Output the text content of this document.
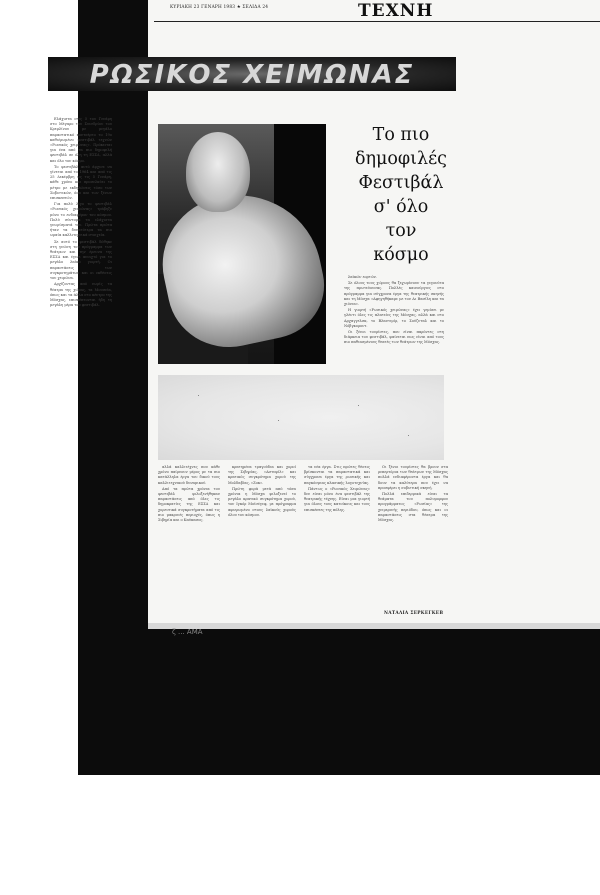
ΚΥΡΙΑΚΗ 23 ΓΕΝΑΡΗ 1983 ★ ΣΕΛΙΔΑ 24	ΤΕΧΝΗ
ΡΩΣΙΚΟΣ ΧΕΙΜΩΝΑΣ

Ελάχιστα στις 5 του Γενάρη στο Μέγαρο του Συνεδρίου του Κρεμλίνου με μεγάλο παραστατικό κοντσέρτο το 19ο καθιέρωμένο φεστιβάλ τεχνών «Ρωσικός χειμώνας». Πρόκειται για ένα από τα πιο δημοφιλή φεστιβάλ σε όλη τη ΕΣΣΔ, αλλά και όλο τον κόσμο.

Το φεστιβάλ αυτό άρχισε να γίνεται από το 1964 και από τις 25 Δεκέμβρη ως τις 5 Γενάρη, κάθε χρόνο και προσελκύει το μέτρο με εκδηλώσεις τόσο των Σοβιετικών, όσο και των ξένων επισκεπτών.

Για πολύ λίγο το φεστιβάλ «Ρωσικός χειμώνας» τράβηξε μόνο το ενδιαφέρον του κόσμου. Πολύ σύντομα τα ελάχιστα γνωρίσματά του. Πρώτα πρώτα ήταν τα δυνατότερα τα πιο ωραία καλλιτεχνικά στοιχεία.

Σε αυτό το φεστιβάλ δόθηκε στη γνώση του πρόγραμμα των θεάτρων και την έρευνα της ΕΣΣΔ και έγινε ανοιχτό για το μεγάλο λαϊκό γιορτή. Οι παραστάσεις των συγκροτημάτων και οι εκθέσεις του χειμώνα.

Αρχίζοντας από νωρίς τα θέατρα της χώρας, τα Μουσεία, όπως και τα άλλα στο κέντρο της Μόσχας, επισκέπτονται ήδη τη μεγάλη μέρα του φεστιβάλ.

Το πιο
δημοφιλές
Φεστιβάλ
σ' όλο
τον
κόσμο

λαϊκών εορτών.

Σε όλους τους χώρους θα ξεχωρίσουν τα γεγονότα της πρωτεύουσας. Πολλές καινούργιες στο πρόγραμμα για σύγχρονα έργα της θεατρικής σκηνής και τη Μόσχα «Αφηγηθήκαμε με τον Αι Βασίλη και τα χιόνια».

Η γιορτή «Ρωσικός χειμώνας» έχει γεμίσει με γλέντι όλες τις πλατείες της Μόσχας, αλλά και στο Αρχαγγελσκ, το Βλαντιμίρ, το Σούζνταλ και το Νόβγκοροντ.

Οι ξένοι τουρίστες, που είναι παρόντες στη διάρκεια του φεστιβάλ, φαίνεται πως είναι από τους πιο παθιασμένους θεατές των θεάτρων της Μόσχας.

αλλά καλλιτέχνες που κάθε χρόνο παίρνουν μέρος με τα πιο κατάλληλα έργα του δικού τους καλλιτεχνικού δυναμικού.

Από τα πρώτα χρόνια του φεστιβάλ φιλοξενήθηκαν παραστάσεις από όλες τις δημοκρατίες της ΕΣΣΔ και χορευτικά συγκροτήματα από τις πιο μακρινές περιοχές, όπως η Σιβηρία και ο Καύκασος.

κρατημένα τραγούδια και χοροί της Σιβηρίας, «Αστυφίλ» και κρατικός συγκρότημα χορού της Μολδαβίας, «Ζοκ».

Πρώτη φορά μετά από τόσα χρόνια η Μόσχα φιλοξενεί το μεγάλο κρατικό συγκρότημα χορού, τον Ιγκόρ Μοϊσέγεφ, με πρόγραμμα αφιερωμένο στους λαϊκούς χορούς όλου του κόσμου.

τα νέα έργα. Στις πρώτες θέσεις βρίσκονται τα παραστατικά και σύγχρονα έργα της ρωσικής και παγκόσμιας κλασικής λογοτεχνίας.

Πάντως ο «Ρωσικός Χειμώνας» δεν είναι μόνο ένα φεστιβάλ της θεατρικής τέχνης. Είναι μια γιορτή για όλους τους κατοίκους και τους επισκέπτες της πόλης.

Οι ξένοι τουρίστες θα βρουν στα ρεπερτόρια των θεάτρων της Μόσχας πολλά ενδιαφέροντα έργα και θα δουν τα καλύτερα που έχει να προσφέρει η σοβιετική σκηνή.

Πολλά επιδερμικά είναι τα θεάματα του πολυμορφου προγράμματος «Ρωσίας» της χειμερινής περιόδου, όπως και οι παραστάσεις στα θέατρα της Μόσχας.

ΝΑΤΑΛΙΑ ΣΕΡΚΕΓΚΕΒ
ζ ... ΑΜΑ
